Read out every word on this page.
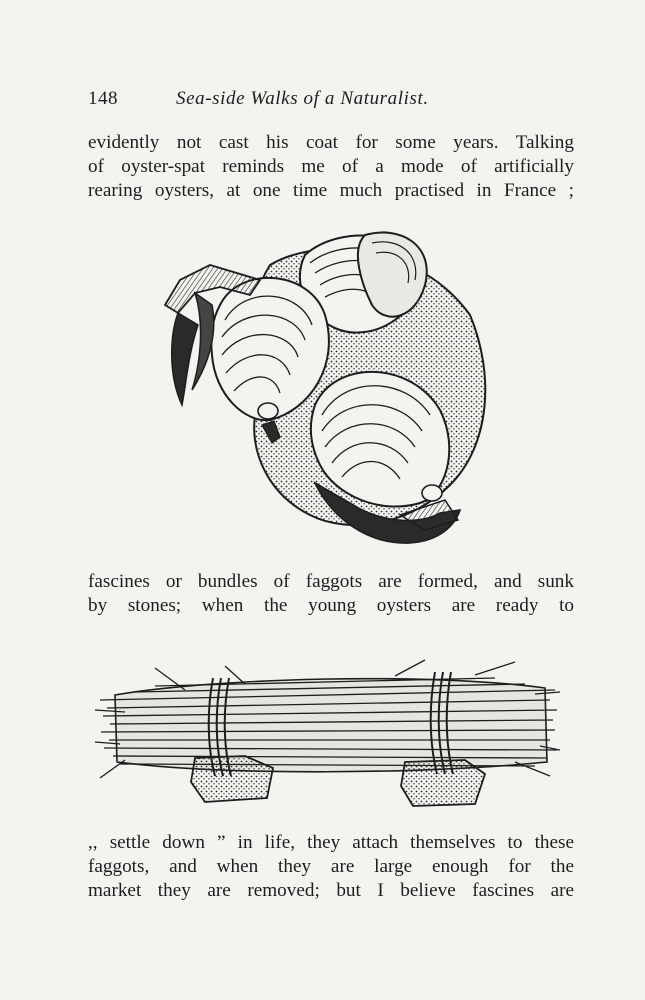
148	Sea-side Walks of a Naturalist.
evidently not cast his coat for some years. Talking
of oyster-spat reminds me of a mode of artificially
rearing oysters, at one time much practised in France ;
fascines or bundles of faggots are formed, and sunk
by stones; when the young oysters are ready to
,, settle down ” in life, they attach themselves to these
faggots, and when they are large enough for the
market they are removed; but I believe fascines are
